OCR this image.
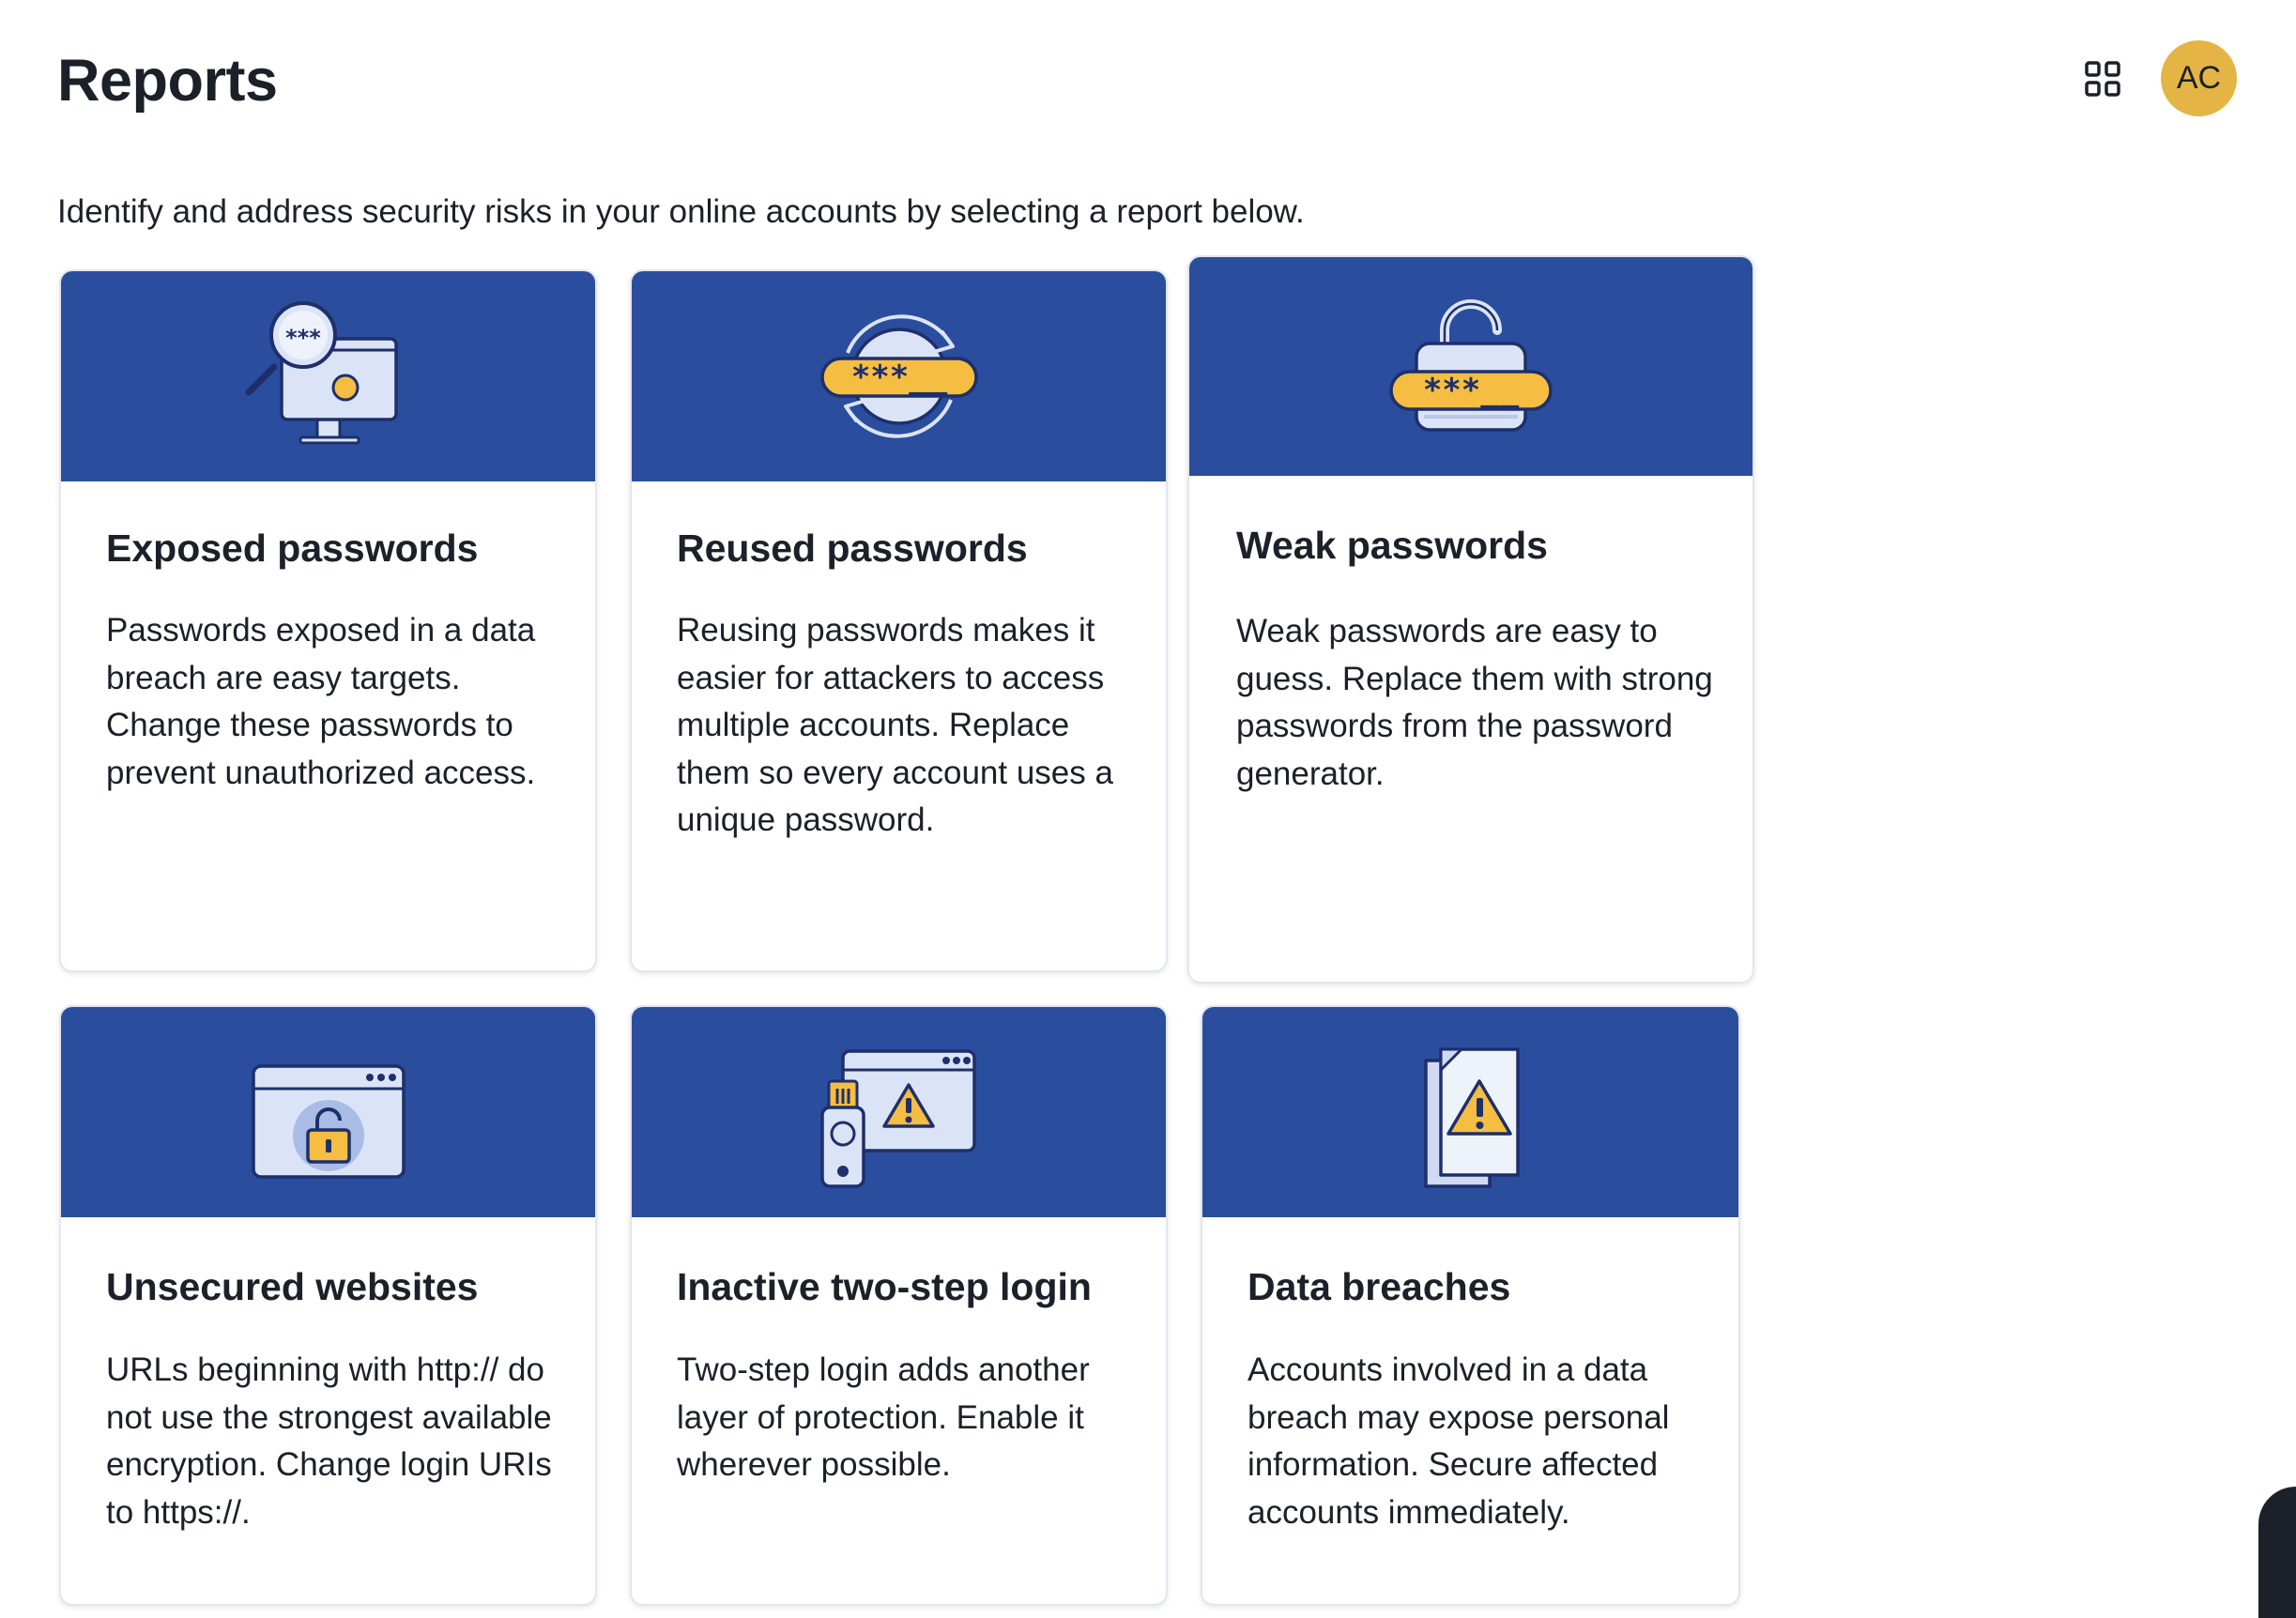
Reports	AC

Identify and address security risks in your online accounts by selecting a report below.

***
Exposed passwords
Passwords exposed in a data breach are easy targets. Change these passwords to prevent unauthorized access.
***__
Reused passwords
Reusing passwords makes it easier for attackers to access multiple accounts. Replace them so every account uses a unique password.
***__
Weak passwords
Weak passwords are easy to guess. Replace them with strong passwords from the password generator.
Unsecured websites
URLs beginning with http:// do not use the strongest available encryption. Change login URIs to https://.
Inactive two-step login
Two-step login adds another layer of protection. Enable it wherever possible.
Data breaches
Accounts involved in a data breach may expose personal information. Secure affected accounts immediately.
